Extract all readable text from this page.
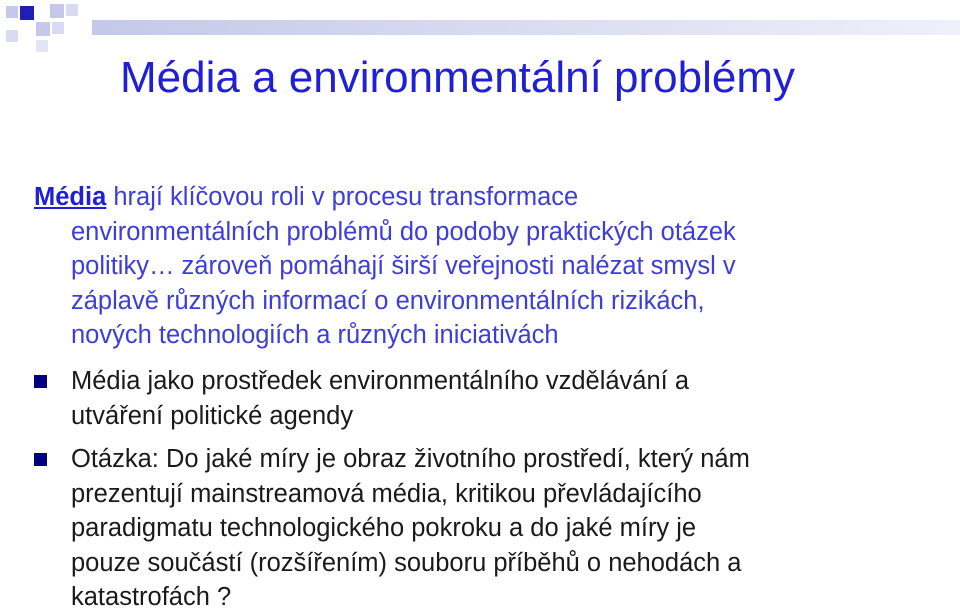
Média a environmentální problémy

Média hrají klíčovou roli v procesu transformace
environmentálních problémů do podoby praktických otázek
politiky… zároveň pomáhají širší veřejnosti nalézat smysl v
záplavě různých informací o environmentálních rizikách,
nových technologiích a různých iniciativách

Média jako prostředek environmentálního vzdělávání a
utváření politické agendy
Otázka: Do jaké míry je obraz životního prostředí, který nám
prezentují mainstreamová média, kritikou převládajícího
paradigmatu technologického pokroku a do jaké míry je
pouze součástí (rozšířením) souboru příběhů o nehodách a
katastrofách ?
